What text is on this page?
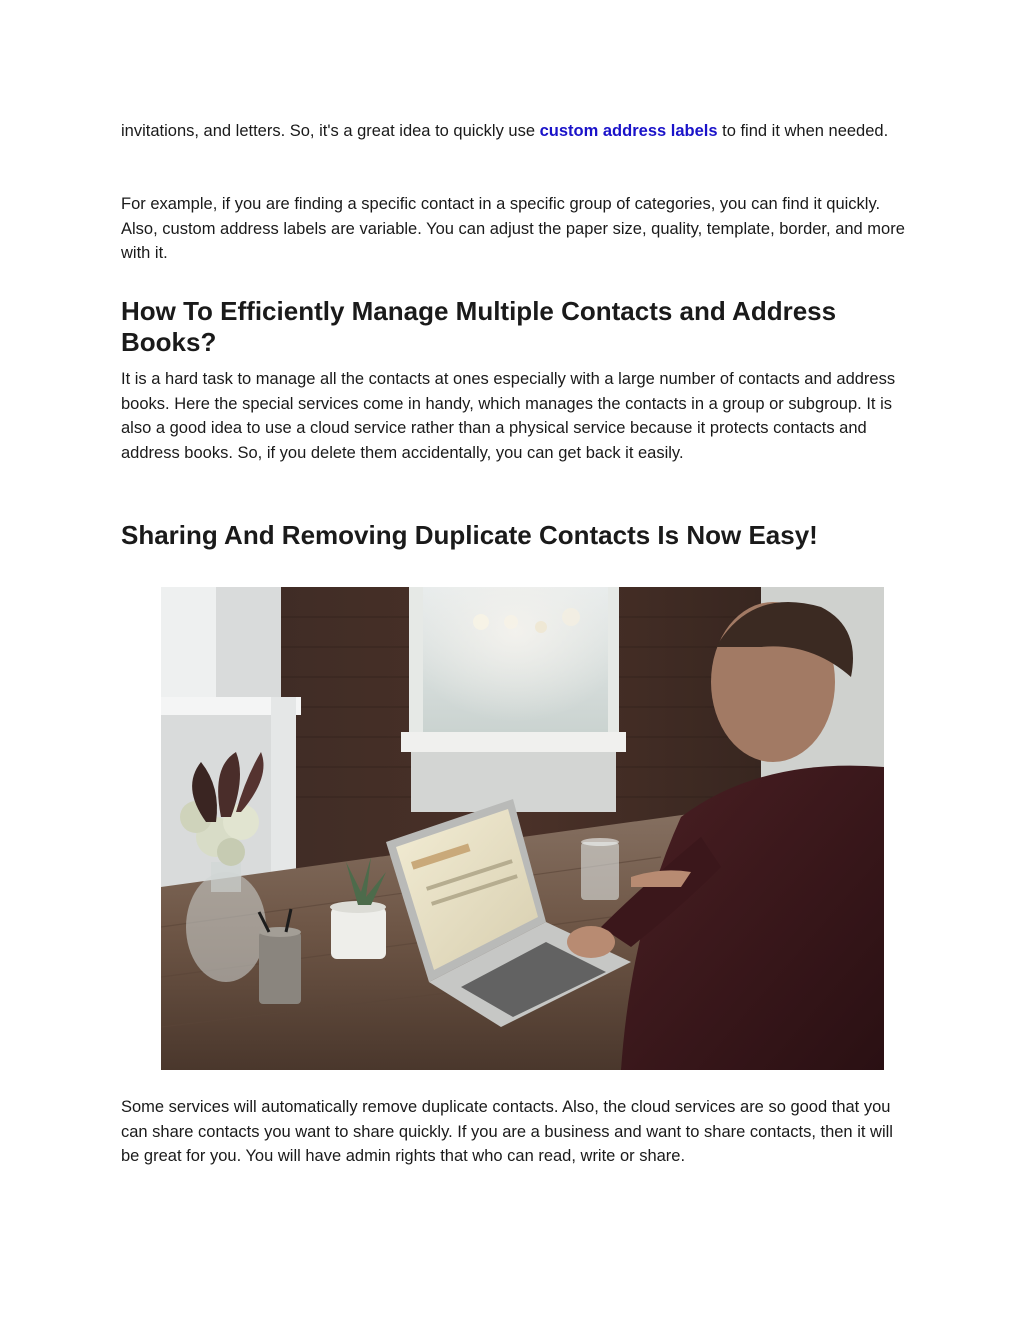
invitations, and letters. So, it's a great idea to quickly use custom address labels to find it when needed.

For example, if you are finding a specific contact in a specific group of categories, you can find it quickly. Also, custom address labels are variable. You can adjust the paper size, quality, template, border, and more with it.

How To Efficiently Manage Multiple Contacts and Address Books?

It is a hard task to manage all the contacts at ones especially with a large number of contacts and address books. Here the special services come in handy, which manages the contacts in a group or subgroup. It is also a good idea to use a cloud service rather than a physical service because it protects contacts and address books. So, if you delete them accidentally, you can get back it easily.

Sharing And Removing Duplicate Contacts Is Now Easy!

Some services will automatically remove duplicate contacts. Also, the cloud services are so good that you can share contacts you want to share quickly. If you are a business and want to share contacts, then it will be great for you. You will have admin rights that who can read, write or share.
